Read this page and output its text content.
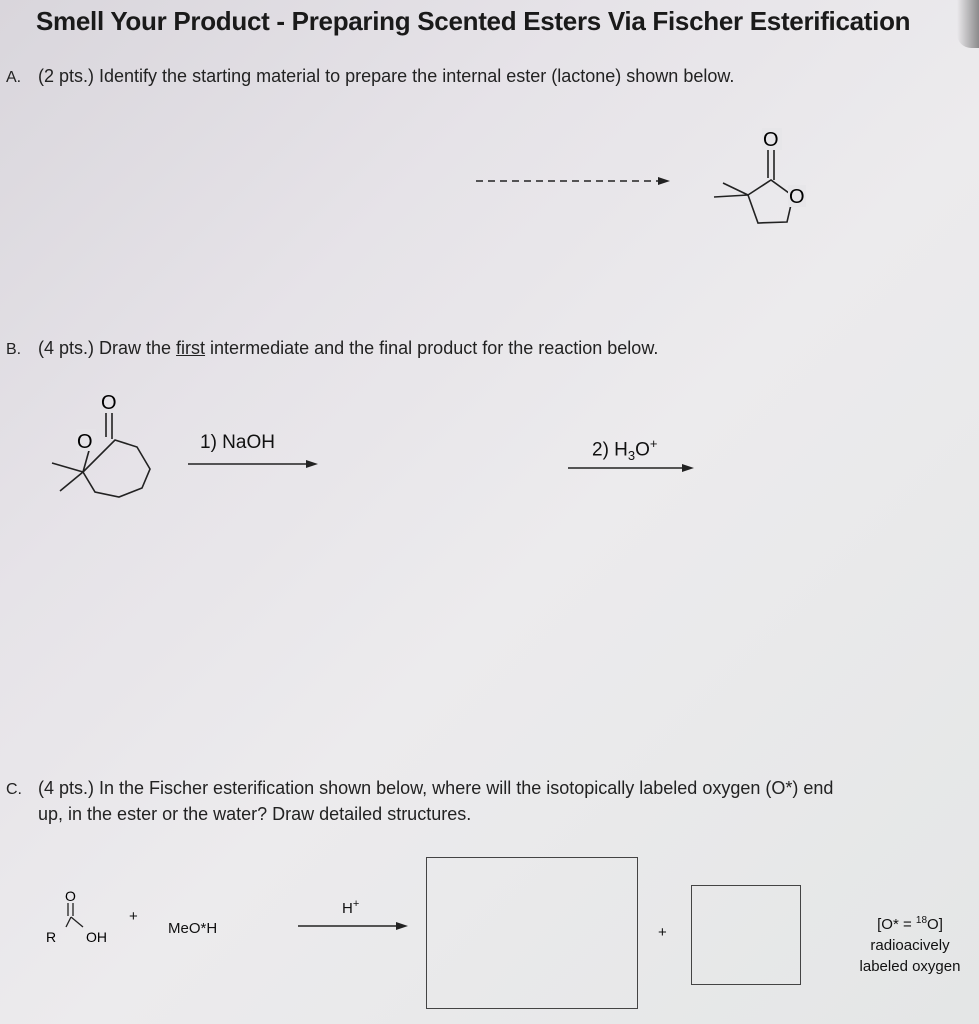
Smell Your Product - Preparing Scented Esters Via Fischer Esterification
A. (2 pts.) Identify the starting material to prepare the internal ester (lactone) shown below.
O
O
B. (4 pts.) Draw the first intermediate and the final product for the reaction below.
O
O	1) NaOH	2) $H_3O^+$
C. (4 pts.) In the Fischer esterification shown below, where will the isotopically labeled oxygen (O*) end
up, in the ester or the water? Draw detailed structures.
O
R OH
+
MeO*H
H+
+	[O* = $^{18}$O]
radioacively
labeled oxygen
